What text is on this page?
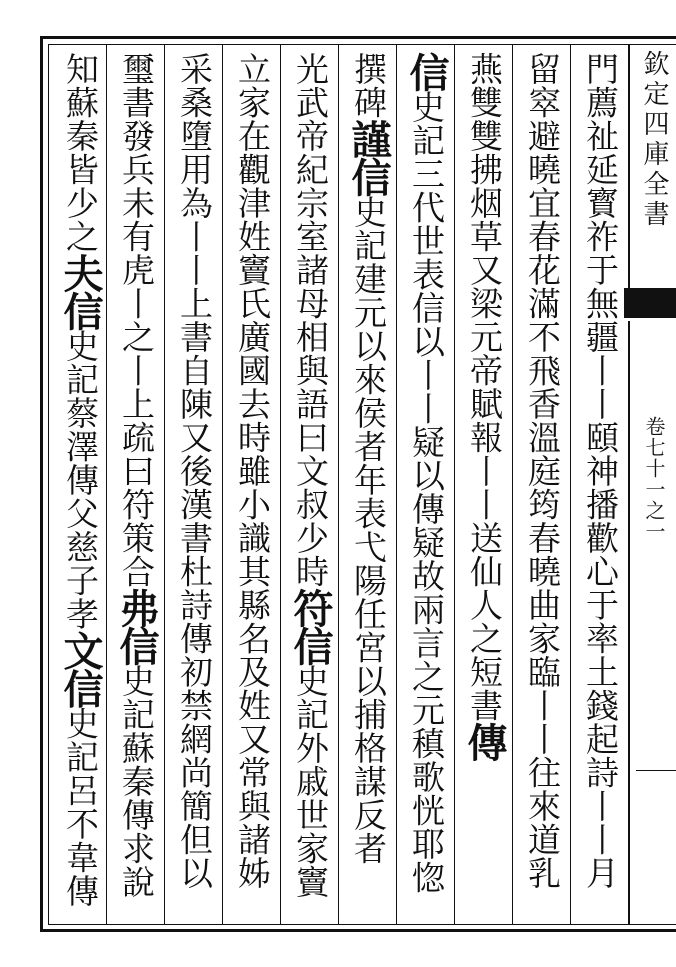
欽定四庫全書
卷七十一之一
門薦祉延寳祚于無疆丨丨頤神播歡心于率土錢起詩丨丨月
留窣避曉宜春花滿不飛香溫庭筠春曉曲家臨丨丨往來道乳
燕雙雙拂烟草又梁元帝賦報丨丨送仙人之短書傳
信史記三代世表信以丨丨疑以傳疑故兩言之元稹歌恍耶惚
撰碑謹信史記建元以來侯者年表弋陽任宮以捕格謀反者
光武帝紀宗室諸母相與語曰文叔少時符信史記外戚世家竇
立家在觀津姓竇氏廣國去時雖小識其縣名及姓又常與諸姊
采桑墮用為丨丨上書自陳又後漢書杜詩傳初禁網尚簡但以
璽書發兵未有虎丨之丨上疏曰符策合弗信史記蘇秦傳求說
知蘇秦皆少之夫信史記蔡澤傳父慈子孝文信史記呂不韋傳
